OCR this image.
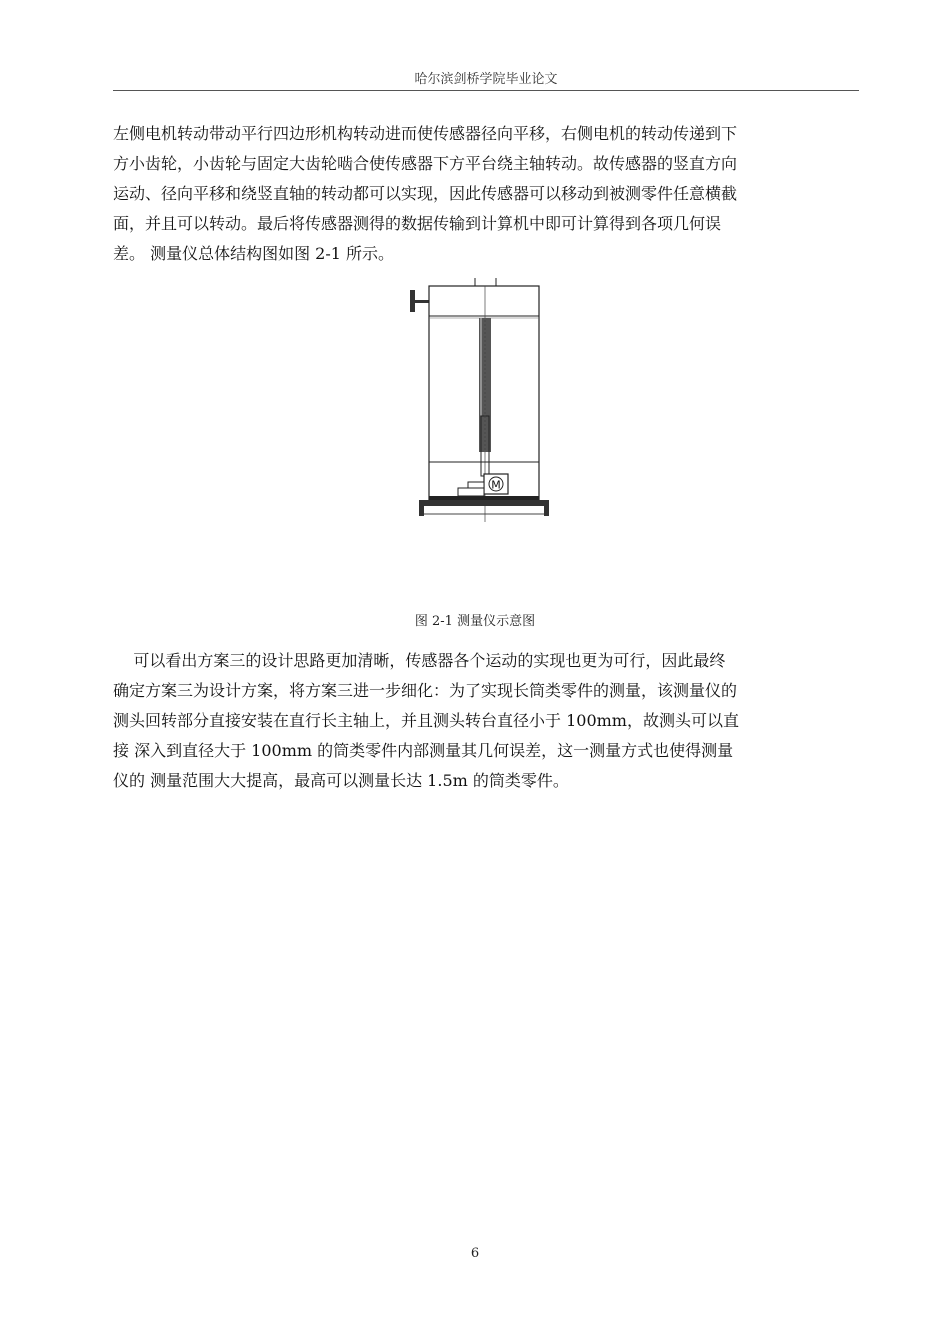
哈尔滨剑桥学院毕业论文
左侧电机转动带动平行四边形机构转动进而使传感器径向平移，右侧电机的转动传递到下
方小齿轮，小齿轮与固定大齿轮啮合使传感器下方平台绕主轴转动。故传感器的竖直方向
运动、径向平移和绕竖直轴的转动都可以实现，因此传感器可以移动到被测零件任意横截
面，并且可以转动。最后将传感器测得的数据传输到计算机中即可计算得到各项几何误
差。 测量仪总体结构图如图 2-1 所示。
M
图 2-1 测量仪示意图
可以看出方案三的设计思路更加清晰，传感器各个运动的实现也更为可行，因此最终
确定方案三为设计方案，将方案三进一步细化：为了实现长筒类零件的测量，该测量仪的
测头回转部分直接安装在直行长主轴上，并且测头转台直径小于 100mm，故测头可以直
接 深入到直径大于 100mm 的筒类零件内部测量其几何误差，这一测量方式也使得测量
仪的 测量范围大大提高，最高可以测量长达 1.5m 的筒类零件。
6
